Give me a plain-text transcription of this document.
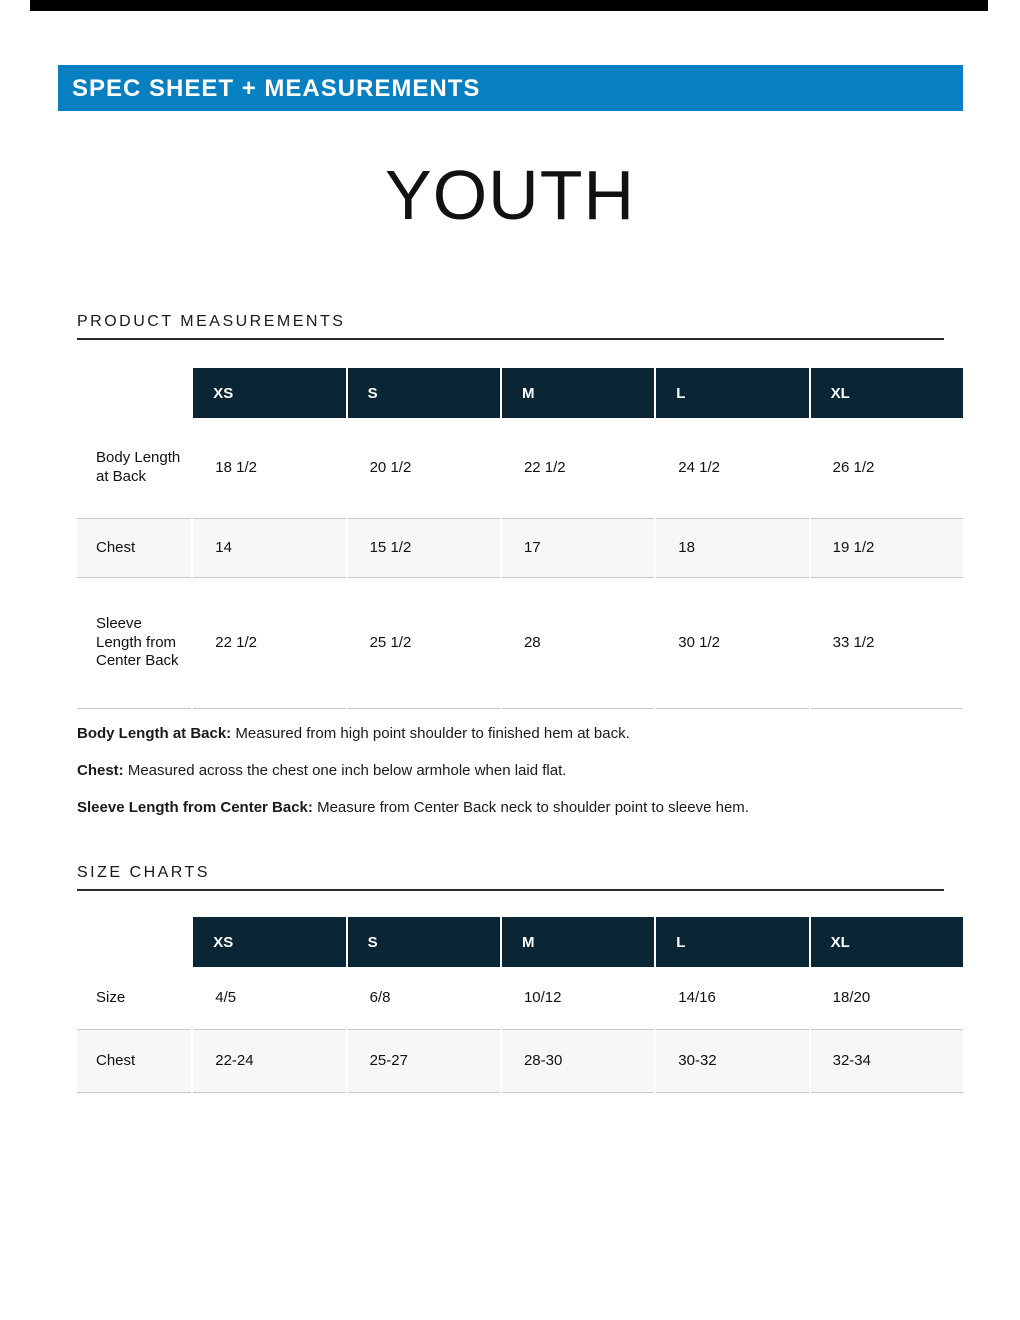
SPEC SHEET + MEASUREMENTS
YOUTH
PRODUCT MEASUREMENTS
	XS	S	M	L	XL
Body Length at Back	18 1/2	20 1/2	22 1/2	24 1/2	26 1/2
Chest	14	15 1/2	17	18	19 1/2
Sleeve Length from Center Back	22 1/2	25 1/2	28	30 1/2	33 1/2

Body Length at Back: Measured from high point shoulder to finished hem at back.

Chest: Measured across the chest one inch below armhole when laid flat.

Sleeve Length from Center Back: Measure from Center Back neck to shoulder point to sleeve hem.

SIZE CHARTS
	XS	S	M	L	XL
Size	4/5	6/8	10/12	14/16	18/20
Chest	22-24	25-27	28-30	30-32	32-34
